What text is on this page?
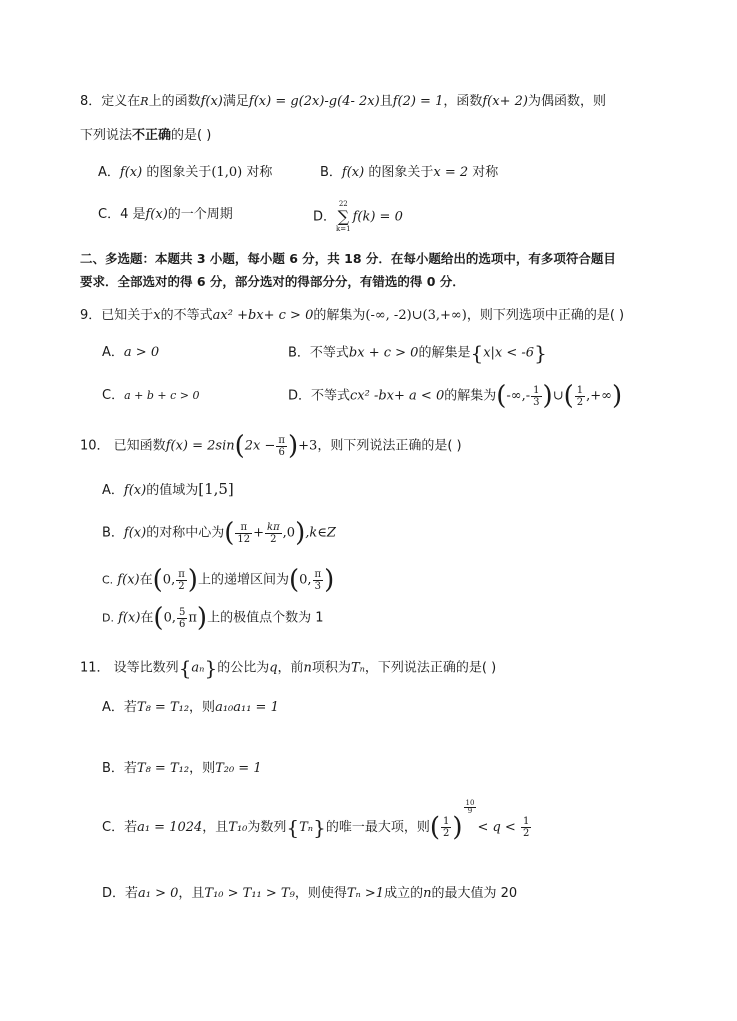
8．定义在R上的函数f(x)满足f(x) = g(2x)-g(4- 2x)且f(2) = 1，函数f(x+ 2)为偶函数，则
下列说法不正确的是( )
A．f(x) 的图象关于(1,0) 对称	B．f(x) 的图象关于x = 2 对称
C．4 是f(x)的一个周期	D．
22
∑
k=1
f(k) = 0
二、多选题：本题共 3 小题，每小题 6 分，共 18 分．在每小题给出的选项中，有多项符合题目
要求．全部选对的得 6 分，部分选对的得部分分，有错选的得 0 分．
9．已知关于x的不等式ax² +bx+ c > 0的解集为(-∞, -2)∪(3,+∞)，则下列选项中正确的是( )
A．a > 0	B．不等式bx + c > 0的解集是{x|x < -6}
C．a + b + c > 0	D．不等式cx² -bx+ a < 0的解集为(-∞,- $\frac{1}{3}$ )∪( $\frac{1}{2}$ ,+∞)
10． 已知函数$f(x) = 2\sin(2x - \frac{\pi}{6} )+3$，则下列说法正确的是( )
A．f(x)的值域为[1,5]
B．f(x)的对称中心为( $\frac{\pi}{12} + \frac{k\pi}{2}$ ,0),k∈Z
C. f(x)在(0, $\frac{\pi}{2}$ )上的递增区间为(0, $\frac{\pi}{3}$ )
D. f(x)在(0, $\frac{5}{6} \pi$)上的极值点个数为 1
11． 设等比数列{aₙ}的公比为q，前n项积为Tₙ，下列说法正确的是( )
A．若T₈ = T₁₂，则a₁₀a₁₁ = 1
B．若T₈ = T₁₂，则T₂₀ = 1
C．若a₁ = 1024，且T₁₀为数列{Tₙ}的唯一最大项，则( $\frac{1}{2}$ )
$\frac{10}{9}$
< $q < \frac{1}{2}$
D．若a₁ > 0，且T₁₀ > T₁₁ > T₉，则使得Tₙ >1成立的n的最大值为 20
